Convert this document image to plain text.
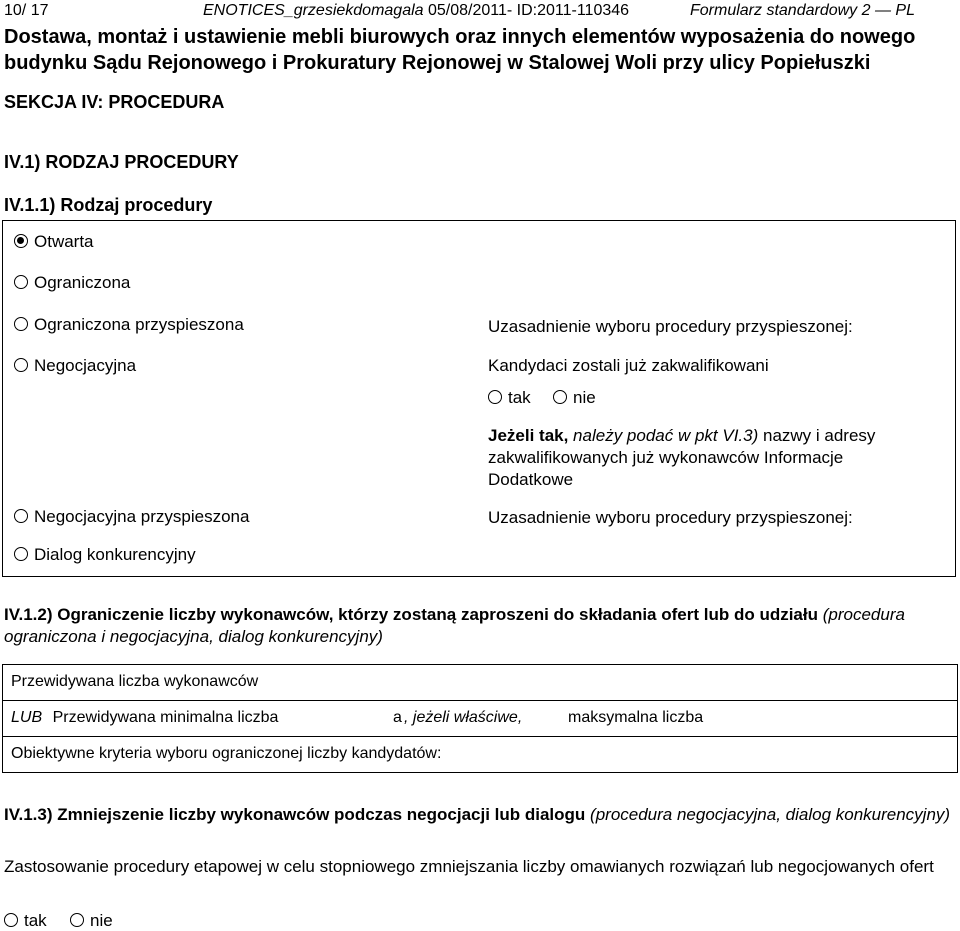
10/ 17	ENOTICES_grzesiekdomagala 05/08/2011- ID:2011-110346	Formularz standardowy 2 — PL
Dostawa, montaż i ustawienie mebli biurowych oraz innych elementów wyposażenia do nowego budynku Sądu Rejonowego i Prokuratury Rejonowej w Stalowej Woli przy ulicy Popiełuszki
SEKCJA IV: PROCEDURA
IV.1) RODZAJ PROCEDURY
IV.1.1) Rodzaj procedury
Otwarta
Ograniczona
Ograniczona przyspieszona
Negocjacyjna
Negocjacyjna przyspieszona
Dialog konkurencyjny
Uzasadnienie wyboru procedury przyspieszonej:
Kandydaci zostali już zakwalifikowani
tak	nie
Jeżeli tak, należy podać w pkt VI.3) nazwy i adresy
zakwalifikowanych już wykonawców Informacje
Dodatkowe
Uzasadnienie wyboru procedury przyspieszonej:
IV.1.2) Ograniczenie liczby wykonawców, którzy zostaną zaproszeni do składania ofert lub do udziału (procedura ograniczona i negocjacyjna, dialog konkurencyjny)
Przewidywana liczba wykonawców
LUB Przewidywana minimalna liczba	a , jeżeli właściwe,	maksymalna liczba
Obiektywne kryteria wyboru ograniczonej liczby kandydatów:
IV.1.3) Zmniejszenie liczby wykonawców podczas negocjacji lub dialogu (procedura negocjacyjna, dialog konkurencyjny)
Zastosowanie procedury etapowej w celu stopniowego zmniejszania liczby omawianych rozwiązań lub negocjowanych ofert
tak	nie
